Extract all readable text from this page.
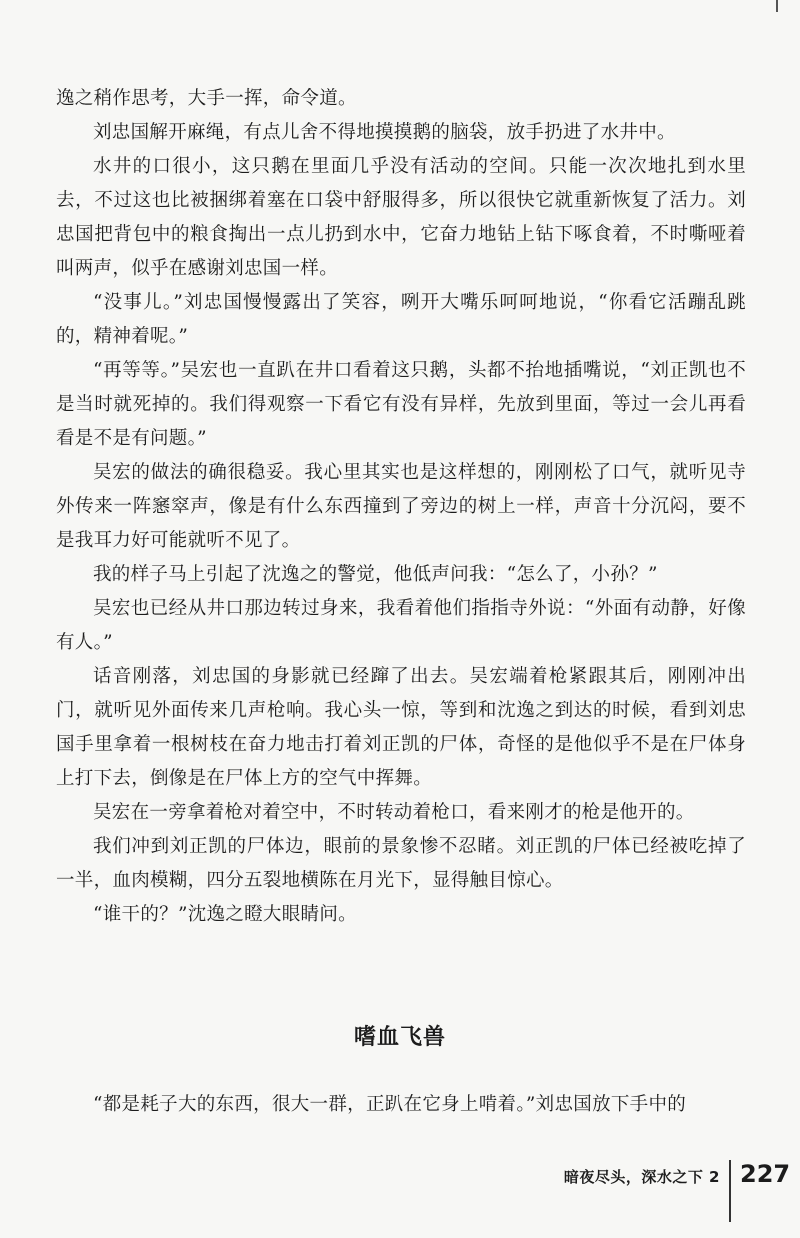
逸之稍作思考，大手一挥，命令道。

刘忠国解开麻绳，有点儿舍不得地摸摸鹅的脑袋，放手扔进了水井中。

水井的口很小，这只鹅在里面几乎没有活动的空间。只能一次次地扎到水里去，不过这也比被捆绑着塞在口袋中舒服得多，所以很快它就重新恢复了活力。刘忠国把背包中的粮食掏出一点儿扔到水中，它奋力地钻上钻下啄食着，不时嘶哑着叫两声，似乎在感谢刘忠国一样。

“没事儿。”刘忠国慢慢露出了笑容，咧开大嘴乐呵呵地说，“你看它活蹦乱跳的，精神着呢。”

“再等等。”吴宏也一直趴在井口看着这只鹅，头都不抬地插嘴说，“刘正凯也不是当时就死掉的。我们得观察一下看它有没有异样，先放到里面，等过一会儿再看看是不是有问题。”

吴宏的做法的确很稳妥。我心里其实也是这样想的，刚刚松了口气，就听见寺外传来一阵窸窣声，像是有什么东西撞到了旁边的树上一样，声音十分沉闷，要不是我耳力好可能就听不见了。

我的样子马上引起了沈逸之的警觉，他低声问我：“怎么了，小孙？”

吴宏也已经从井口那边转过身来，我看着他们指指寺外说：“外面有动静，好像有人。”

话音刚落，刘忠国的身影就已经蹿了出去。吴宏端着枪紧跟其后，刚刚冲出门，就听见外面传来几声枪响。我心头一惊，等到和沈逸之到达的时候，看到刘忠国手里拿着一根树枝在奋力地击打着刘正凯的尸体，奇怪的是他似乎不是在尸体身上打下去，倒像是在尸体上方的空气中挥舞。

吴宏在一旁拿着枪对着空中，不时转动着枪口，看来刚才的枪是他开的。

我们冲到刘正凯的尸体边，眼前的景象惨不忍睹。刘正凯的尸体已经被吃掉了一半，血肉模糊，四分五裂地横陈在月光下，显得触目惊心。

“谁干的？”沈逸之瞪大眼睛问。

嗜血飞兽

“都是耗子大的东西，很大一群，正趴在它身上啃着。”刘忠国放下手中的

暗夜尽头，深水之下 2 227
